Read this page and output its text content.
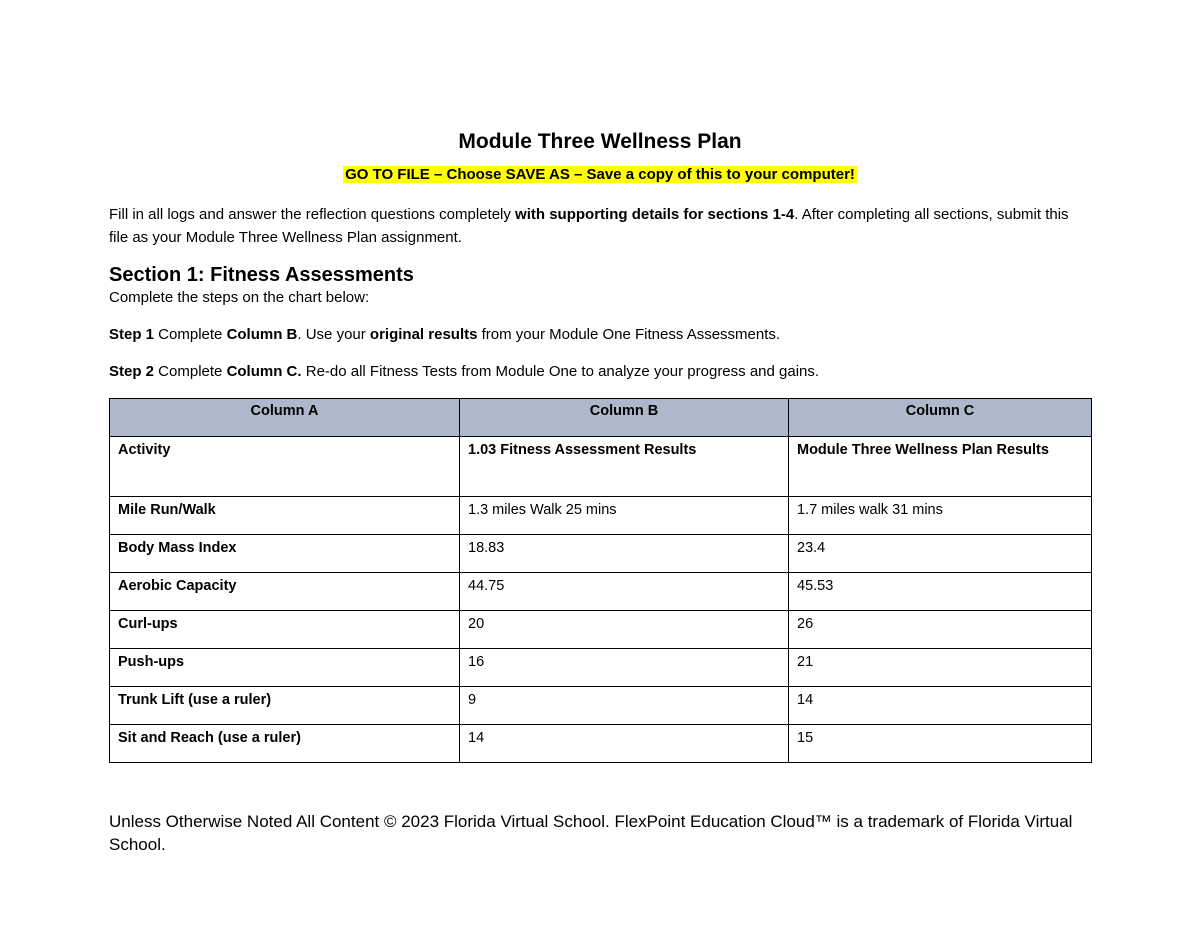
Module Three Wellness Plan
GO TO FILE – Choose SAVE AS – Save a copy of this to your computer!
Fill in all logs and answer the reflection questions completely with supporting details for sections 1-4. After completing all sections, submit this file as your Module Three Wellness Plan assignment.
Section 1: Fitness Assessments
Complete the steps on the chart below:
Step 1 Complete Column B. Use your original results from your Module One Fitness Assessments.
Step 2 Complete Column C. Re-do all Fitness Tests from Module One to analyze your progress and gains.
Column A	Column B	Column C
Activity	1.03 Fitness Assessment Results	Module Three Wellness Plan Results
Mile Run/Walk	1.3 miles Walk 25 mins	1.7 miles walk 31 mins
Body Mass Index	18.83	23.4
Aerobic Capacity	44.75	45.53
Curl-ups	20	26
Push-ups	16	21
Trunk Lift (use a ruler)	9	14
Sit and Reach (use a ruler)	14	15
Unless Otherwise Noted All Content © 2023 Florida Virtual School. FlexPoint Education Cloud™ is a trademark of Florida Virtual School.
